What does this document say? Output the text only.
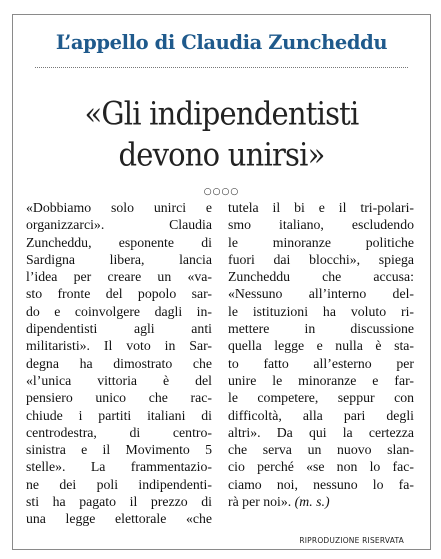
L’appello di Claudia Zuncheddu
«Gli indipendentisti
devono unirsi»
○○○○
RIPRODUZIONE RISERVATA
«Dobbiamo solo unirci e
organizzarci». Claudia
Zuncheddu, esponente di
Sardigna libera, lancia
l’idea per creare un «va-
sto fronte del popolo sar-
do e coinvolgere dagli in-
dipendentisti agli anti
militaristi». Il voto in Sar-
degna ha dimostrato che
«l’unica vittoria è del
pensiero unico che rac-
chiude i partiti italiani di
centrodestra, di centro-
sinistra e il Movimento 5
stelle». La frammentazio-
ne dei poli indipendenti-
sti ha pagato il prezzo di
una legge elettorale «che
tutela il bi e il tri-polari-
smo italiano, escludendo
le minoranze politiche
fuori dai blocchi», spiega
Zuncheddu che accusa:
«Nessuno all’interno del-
le istituzioni ha voluto ri-
mettere in discussione
quella legge e nulla è sta-
to fatto all’esterno per
unire le minoranze e far-
le competere, seppur con
difficoltà, alla pari degli
altri». Da qui la certezza
che serva un nuovo slan-
cio perché «se non lo fac-
ciamo noi, nessuno lo fa-
rà per noi». (m. s.)
